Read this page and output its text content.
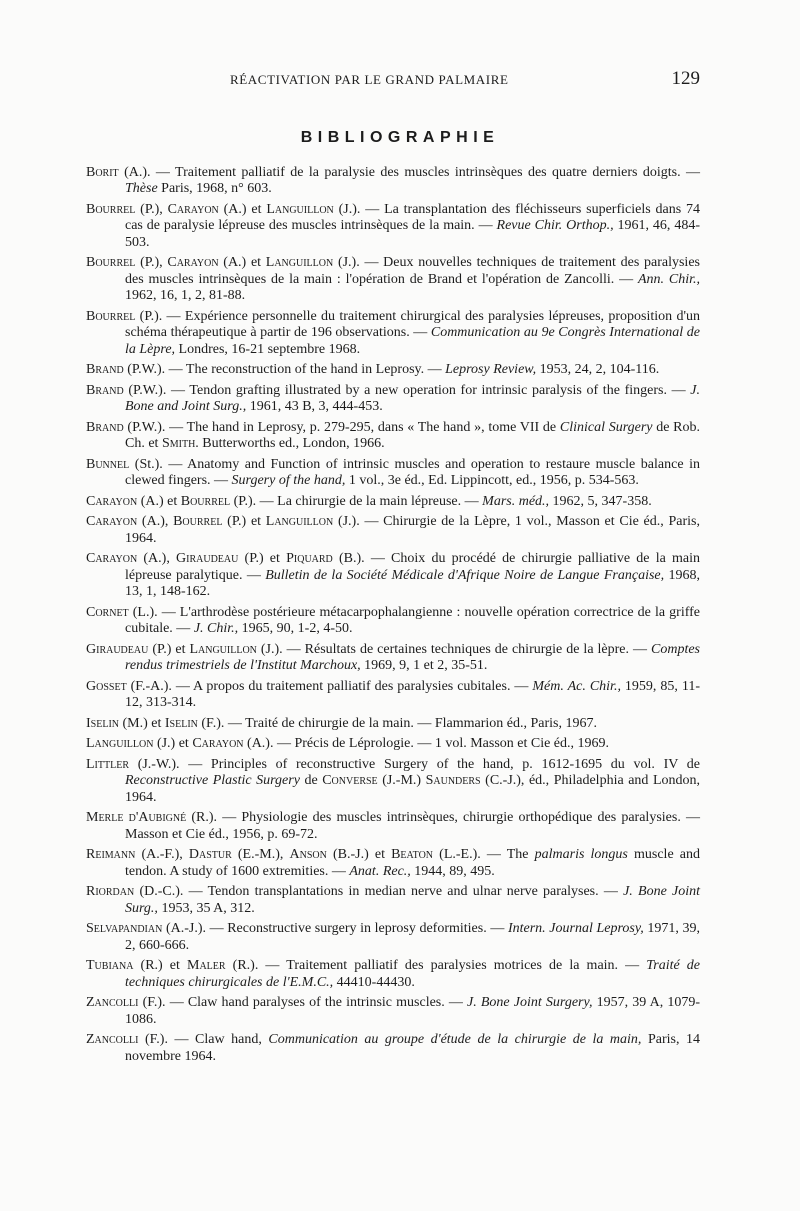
RÉACTIVATION PAR LE GRAND PALMAIRE	129
BIBLIOGRAPHIE

Borit (A.). — Traitement palliatif de la paralysie des muscles intrinsèques des quatre derniers doigts. — Thèse Paris, 1968, n° 603.

Bourrel (P.), Carayon (A.) et Languillon (J.). — La transplantation des fléchisseurs superficiels dans 74 cas de paralysie lépreuse des muscles intrinsèques de la main. — Revue Chir. Orthop., 1961, 46, 484-503.

Bourrel (P.), Carayon (A.) et Languillon (J.). — Deux nouvelles techniques de traitement des paralysies des muscles intrinsèques de la main : l'opération de Brand et l'opération de Zancolli. — Ann. Chir., 1962, 16, 1, 2, 81-88.

Bourrel (P.). — Expérience personnelle du traitement chirurgical des paralysies lépreuses, proposition d'un schéma thérapeutique à partir de 196 observations. — Communication au 9e Congrès International de la Lèpre, Londres, 16-21 septembre 1968.

Brand (P.W.). — The reconstruction of the hand in Leprosy. — Leprosy Review, 1953, 24, 2, 104-116.

Brand (P.W.). — Tendon grafting illustrated by a new operation for intrinsic paralysis of the fingers. — J. Bone and Joint Surg., 1961, 43 B, 3, 444-453.

Brand (P.W.). — The hand in Leprosy, p. 279-295, dans « The hand », tome VII de Clinical Surgery de Rob. Ch. et Smith. Butterworths ed., London, 1966.

Bunnel (St.). — Anatomy and Function of intrinsic muscles and operation to restaure muscle balance in clewed fingers. — Surgery of the hand, 1 vol., 3e éd., Ed. Lippincott, ed., 1956, p. 534-563.

Carayon (A.) et Bourrel (P.). — La chirurgie de la main lépreuse. — Mars. méd., 1962, 5, 347-358.

Carayon (A.), Bourrel (P.) et Languillon (J.). — Chirurgie de la Lèpre, 1 vol., Masson et Cie éd., Paris, 1964.

Carayon (A.), Giraudeau (P.) et Piquard (B.). — Choix du procédé de chirurgie palliative de la main lépreuse paralytique. — Bulletin de la Société Médicale d'Afrique Noire de Langue Française, 1968, 13, 1, 148-162.

Cornet (L.). — L'arthrodèse postérieure métacarpophalangienne : nouvelle opération correctrice de la griffe cubitale. — J. Chir., 1965, 90, 1-2, 4-50.

Giraudeau (P.) et Languillon (J.). — Résultats de certaines techniques de chirurgie de la lèpre. — Comptes rendus trimestriels de l'Institut Marchoux, 1969, 9, 1 et 2, 35-51.

Gosset (F.-A.). — A propos du traitement palliatif des paralysies cubitales. — Mém. Ac. Chir., 1959, 85, 11-12, 313-314.

Iselin (M.) et Iselin (F.). — Traité de chirurgie de la main. — Flammarion éd., Paris, 1967.

Languillon (J.) et Carayon (A.). — Précis de Léprologie. — 1 vol. Masson et Cie éd., 1969.

Littler (J.-W.). — Principles of reconstructive Surgery of the hand, p. 1612-1695 du vol. IV de Reconstructive Plastic Surgery de Converse (J.-M.) Saunders (C.-J.), éd., Philadelphia and London, 1964.

Merle d'Aubigné (R.). — Physiologie des muscles intrinsèques, chirurgie orthopédique des paralysies. — Masson et Cie éd., 1956, p. 69-72.

Reimann (A.-F.), Dastur (E.-M.), Anson (B.-J.) et Beaton (L.-E.). — The palmaris longus muscle and tendon. A study of 1600 extremities. — Anat. Rec., 1944, 89, 495.

Riordan (D.-C.). — Tendon transplantations in median nerve and ulnar nerve paralyses. — J. Bone Joint Surg., 1953, 35 A, 312.

Selvapandian (A.-J.). — Reconstructive surgery in leprosy deformities. — Intern. Journal Leprosy, 1971, 39, 2, 660-666.

Tubiana (R.) et Maler (R.). — Traitement palliatif des paralysies motrices de la main. — Traité de techniques chirurgicales de l'E.M.C., 44410-44430.

Zancolli (F.). — Claw hand paralyses of the intrinsic muscles. — J. Bone Joint Surgery, 1957, 39 A, 1079-1086.

Zancolli (F.). — Claw hand, Communication au groupe d'étude de la chirurgie de la main, Paris, 14 novembre 1964.
